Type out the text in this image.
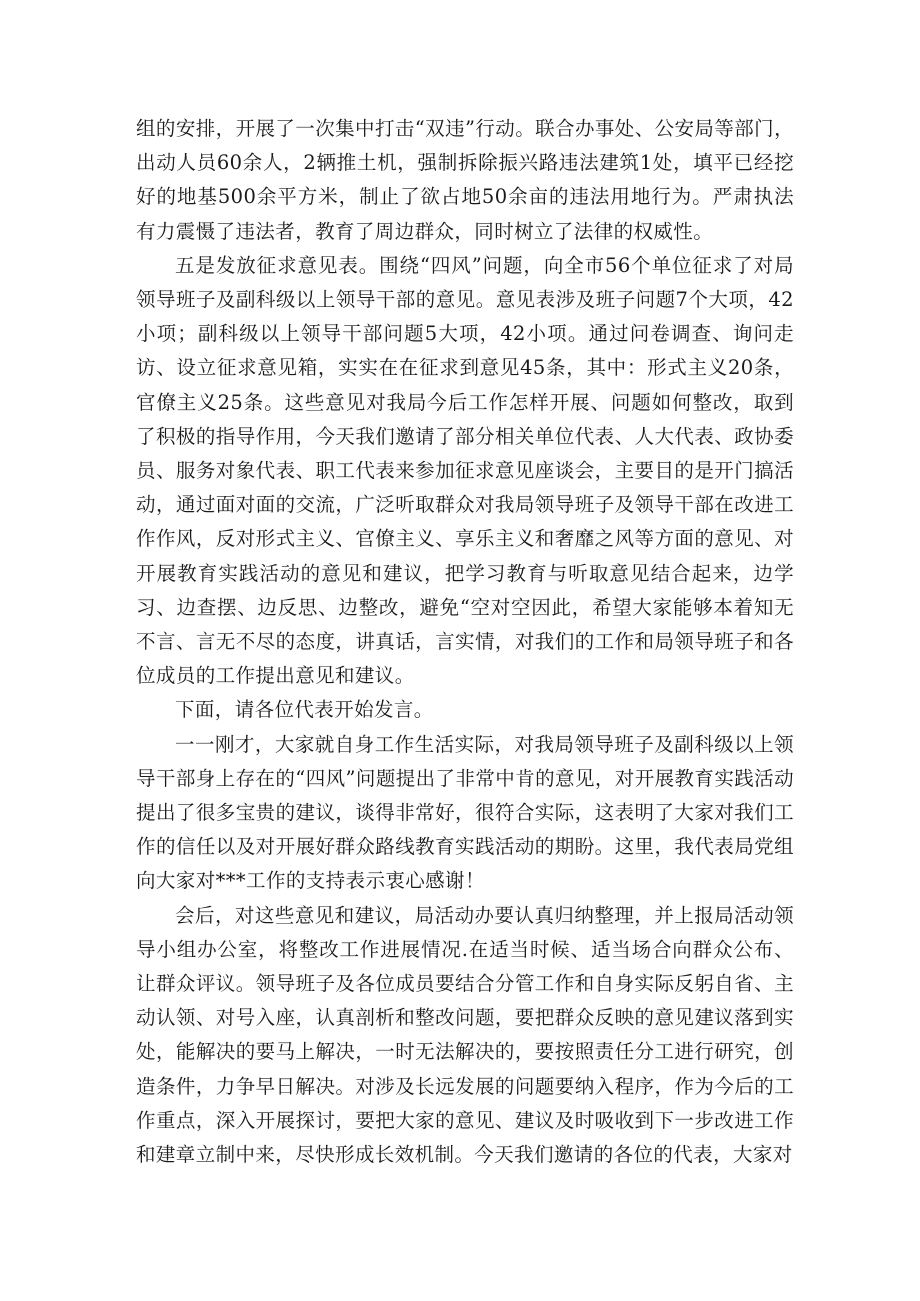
组的安排，开展了一次集中打击“双违”行动。联合办事处、公安局等部门，出动人员60余人，2辆推土机，强制拆除振兴路违法建筑1处，填平已经挖好的地基500余平方米，制止了欲占地50余亩的违法用地行为。严肃执法有力震慑了违法者，教育了周边群众，同时树立了法律的权威性。

五是发放征求意见表。围绕“四风”问题，向全市56个单位征求了对局领导班子及副科级以上领导干部的意见。意见表涉及班子问题7个大项，42小项；副科级以上领导干部问题5大项，42小项。通过问卷调查、询问走访、设立征求意见箱，实实在在征求到意见45条，其中：形式主义20条，官僚主义25条。这些意见对我局今后工作怎样开展、问题如何整改，取到了积极的指导作用，今天我们邀请了部分相关单位代表、人大代表、政协委员、服务对象代表、职工代表来参加征求意见座谈会，主要目的是开门搞活动，通过面对面的交流，广泛听取群众对我局领导班子及领导干部在改进工作作风，反对形式主义、官僚主义、享乐主义和奢靡之风等方面的意见、对开展教育实践活动的意见和建议，把学习教育与听取意见结合起来，边学习、边查摆、边反思、边整改，避免“空对空因此，希望大家能够本着知无不言、言无不尽的态度，讲真话，言实情，对我们的工作和局领导班子和各位成员的工作提出意见和建议。

下面，请各位代表开始发言。

一一刚才，大家就自身工作生活实际，对我局领导班子及副科级以上领导干部身上存在的“四风”问题提出了非常中肯的意见，对开展教育实践活动提出了很多宝贵的建议，谈得非常好，很符合实际，这表明了大家对我们工作的信任以及对开展好群众路线教育实践活动的期盼。这里，我代表局党组向大家对***工作的支持表示衷心感谢！

会后，对这些意见和建议，局活动办要认真归纳整理，并上报局活动领导小组办公室，将整改工作进展情况.在适当时候、适当场合向群众公布、让群众评议。领导班子及各位成员要结合分管工作和自身实际反躬自省、主动认领、对号入座，认真剖析和整改问题，要把群众反映的意见建议落到实处，能解决的要马上解决，一时无法解决的，要按照责任分工进行研究，创造条件，力争早日解决。对涉及长远发展的问题要纳入程序，作为今后的工作重点，深入开展探讨，要把大家的意见、建议及时吸收到下一步改进工作和建章立制中来，尽快形成长效机制。今天我们邀请的各位的代表，大家对
